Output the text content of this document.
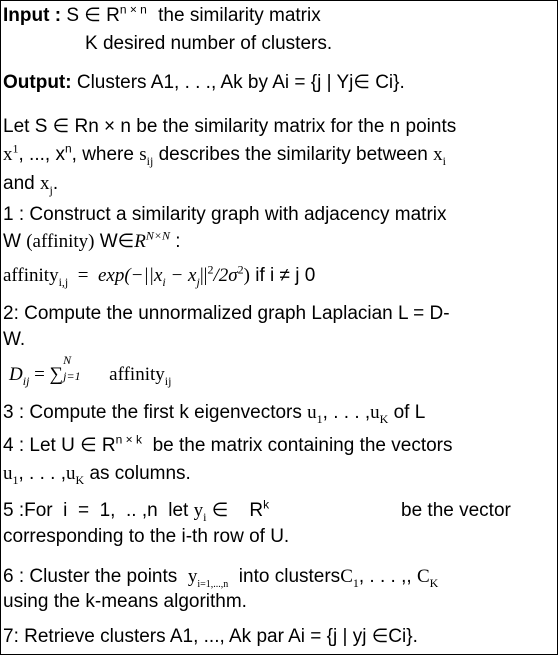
Input : S ∈ $R^{n \times n}$ the similarity matrix
K desired number of clusters.
Output: Clusters A1, . . ., Ak by Ai = {j | Yj∈ Ci}.
Let S ∈ Rn × n be the similarity matrix for the n points
$x^1$, ..., $x^n$, where $s_{ij}$ describes the similarity between $x_i$
and $x_j$.
1 : Construct a similarity graph with adjacency matrix
W (affinity) $W\in R^{N\times N}$ :
affinity$_{i,j}$  =  $\exp(-||x_i - x_j||^2/2\sigma^2)$ if i ≠ j 0
2: Compute the unnormalized graph Laplacian L = D-
W.
$D_{ij}$ = ∑
N
j=1 affinity$_{ij}$
3 : Compute the first k eigenvectors $u_1$, . . . $,u_K$ of L
4 : Let U ∈ $R^{n \times k}$  be the matrix containing the vectors
$u_1$, . . . $,u_K$ as columns.
5 :For  i  =  1,  .. ,n  let $y_i$ ∈    $R^k$	be the vector
corresponding to the i-th row of U.
6 : Cluster the points  $y_{i=1,...,n}$  into clustersC$_1$, . . . ,, $C_K$
using the k-means algorithm.
7: Retrieve clusters A1, ..., Ak par Ai = {j | yj ∈Ci}.
